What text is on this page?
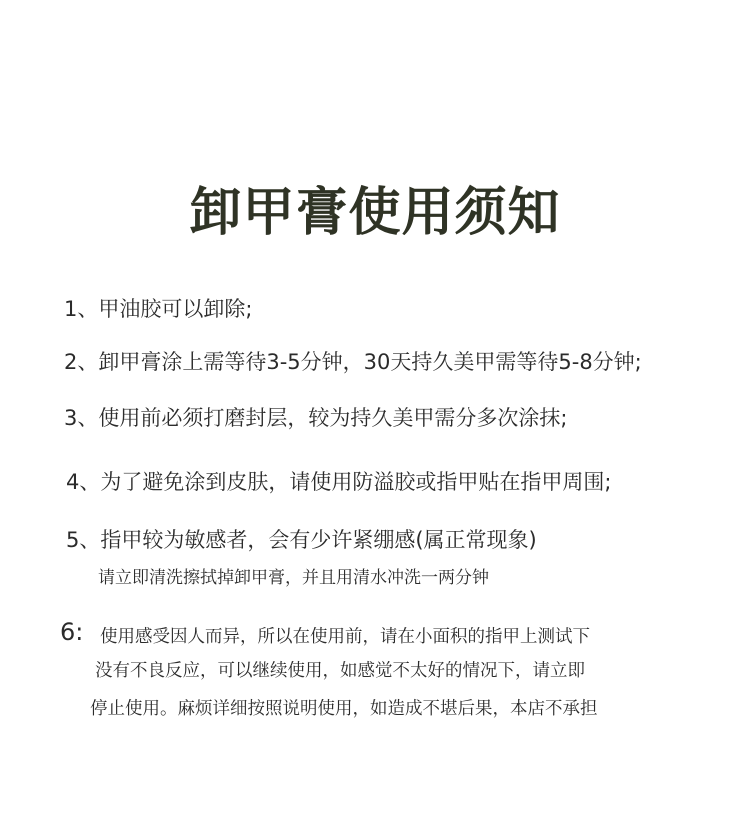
卸甲膏使用须知
1、甲油胶可以卸除;
2、卸甲膏涂上需等待3-5分钟，30天持久美甲需等待5-8分钟;
3、使用前必须打磨封层，较为持久美甲需分多次涂抹;
4、为了避免涂到皮肤，请使用防溢胶或指甲贴在指甲周围;
5、指甲较为敏感者，会有少许紧绷感(属正常现象)
请立即清洗擦拭掉卸甲膏，并且用清水冲洗一两分钟
6: 使用感受因人而异，所以在使用前，请在小面积的指甲上测试下
没有不良反应，可以继续使用，如感觉不太好的情况下，请立即
停止使用。麻烦详细按照说明使用，如造成不堪后果，本店不承担
